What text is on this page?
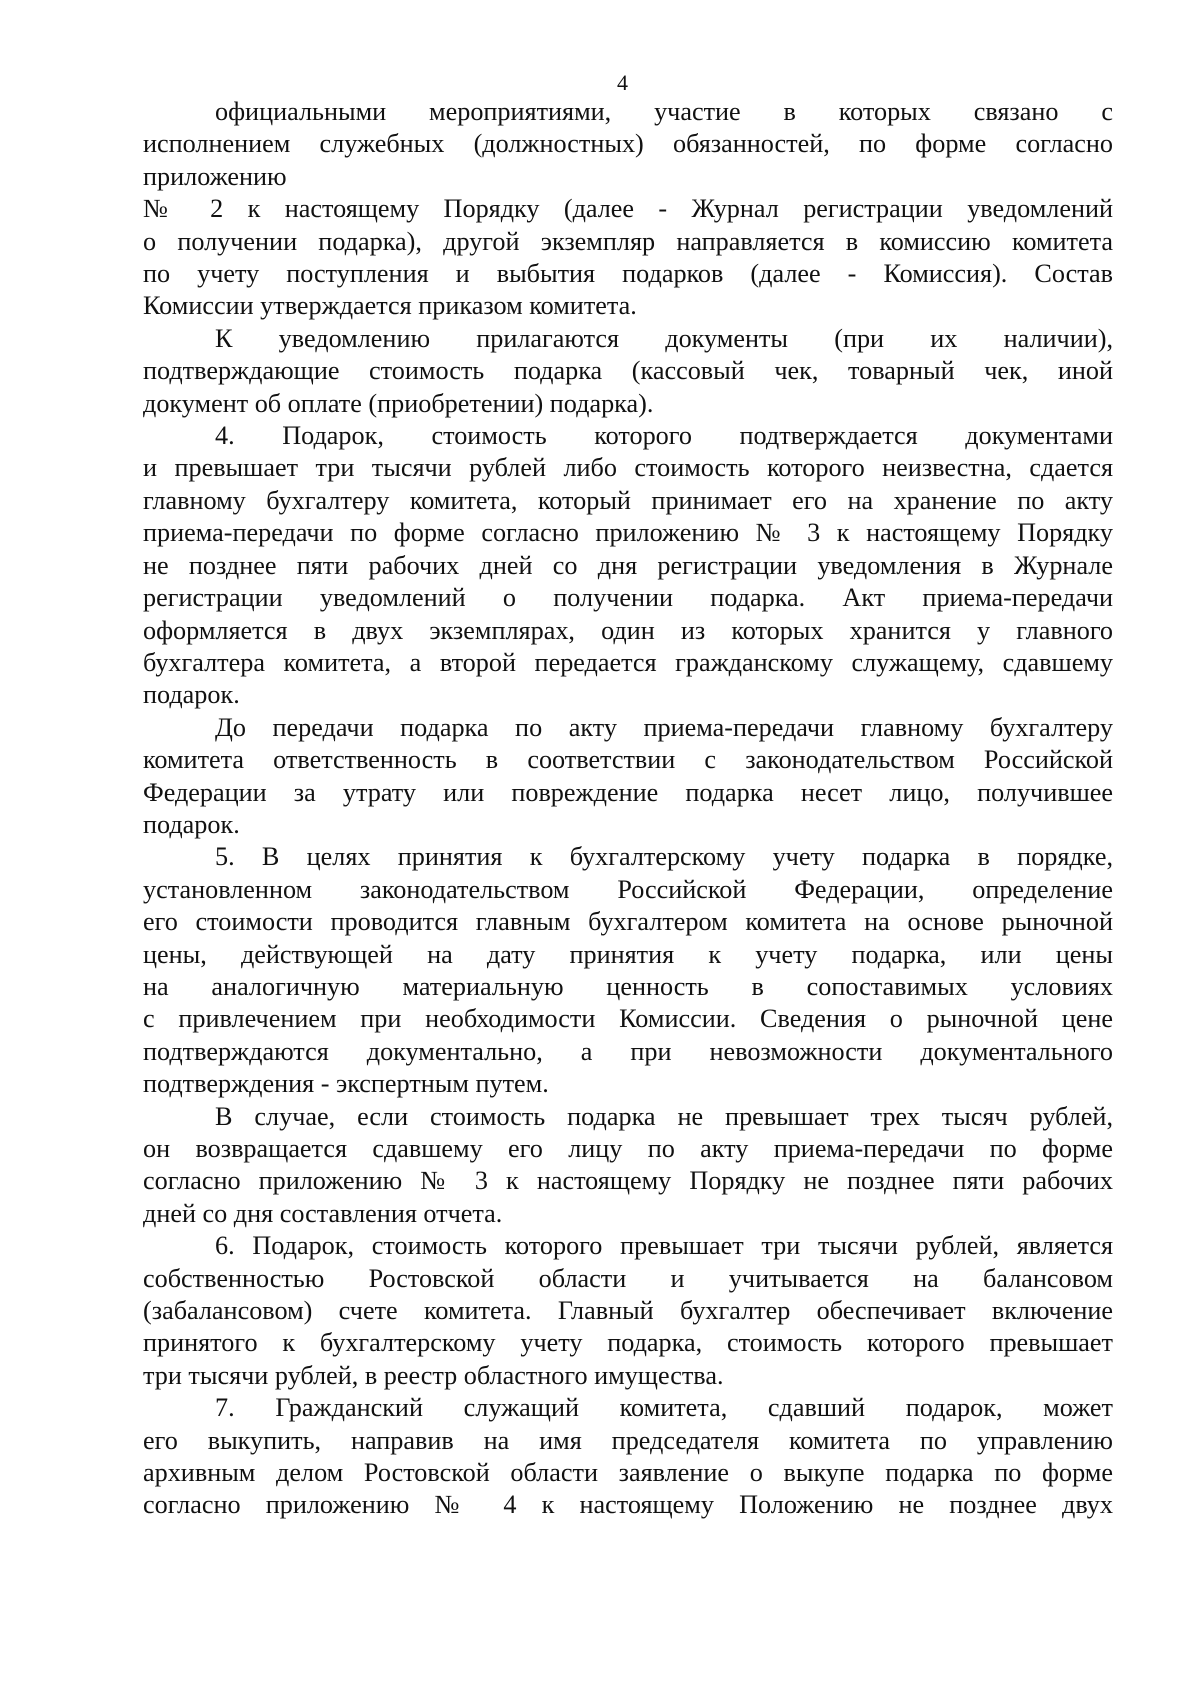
4
официальными мероприятиями, участие в которых связано с
исполнением служебных (должностных) обязанностей, по форме согласно
приложению
№ 2 к настоящему Порядку (далее - Журнал регистрации уведомлений
о получении подарка), другой экземпляр направляется в комиссию комитета
по учету поступления и выбытия подарков (далее - Комиссия). Состав
Комиссии утверждается приказом комитета.
К уведомлению прилагаются документы (при их наличии),
подтверждающие стоимость подарка (кассовый чек, товарный чек, иной
документ об оплате (приобретении) подарка).
4. Подарок, стоимость которого подтверждается документами
и превышает три тысячи рублей либо стоимость которого неизвестна, сдается
главному бухгалтеру комитета, который принимает его на хранение по акту
приема-передачи по форме согласно приложению № 3 к настоящему Порядку
не позднее пяти рабочих дней со дня регистрации уведомления в Журнале
регистрации уведомлений о получении подарка. Акт приема-передачи
оформляется в двух экземплярах, один из которых хранится у главного
бухгалтера комитета, а второй передается гражданскому служащему, сдавшему
подарок.
До передачи подарка по акту приема-передачи главному бухгалтеру
комитета ответственность в соответствии с законодательством Российской
Федерации за утрату или повреждение подарка несет лицо, получившее
подарок.
5. В целях принятия к бухгалтерскому учету подарка в порядке,
установленном законодательством Российской Федерации, определение
его стоимости проводится главным бухгалтером комитета на основе рыночной
цены, действующей на дату принятия к учету подарка, или цены
на аналогичную материальную ценность в сопоставимых условиях
с привлечением при необходимости Комиссии. Сведения о рыночной цене
подтверждаются документально, а при невозможности документального
подтверждения - экспертным путем.
В случае, если стоимость подарка не превышает трех тысяч рублей,
он возвращается сдавшему его лицу по акту приема-передачи по форме
согласно приложению № 3 к настоящему Порядку не позднее пяти рабочих
дней со дня составления отчета.
6. Подарок, стоимость которого превышает три тысячи рублей, является
собственностью Ростовской области и учитывается на балансовом
(забалансовом) счете комитета. Главный бухгалтер обеспечивает включение
принятого к бухгалтерскому учету подарка, стоимость которого превышает
три тысячи рублей, в реестр областного имущества.
7. Гражданский служащий комитета, сдавший подарок, может
его выкупить, направив на имя председателя комитета по управлению
архивным делом Ростовской области заявление о выкупе подарка по форме
согласно приложению № 4 к настоящему Положению не позднее двух
